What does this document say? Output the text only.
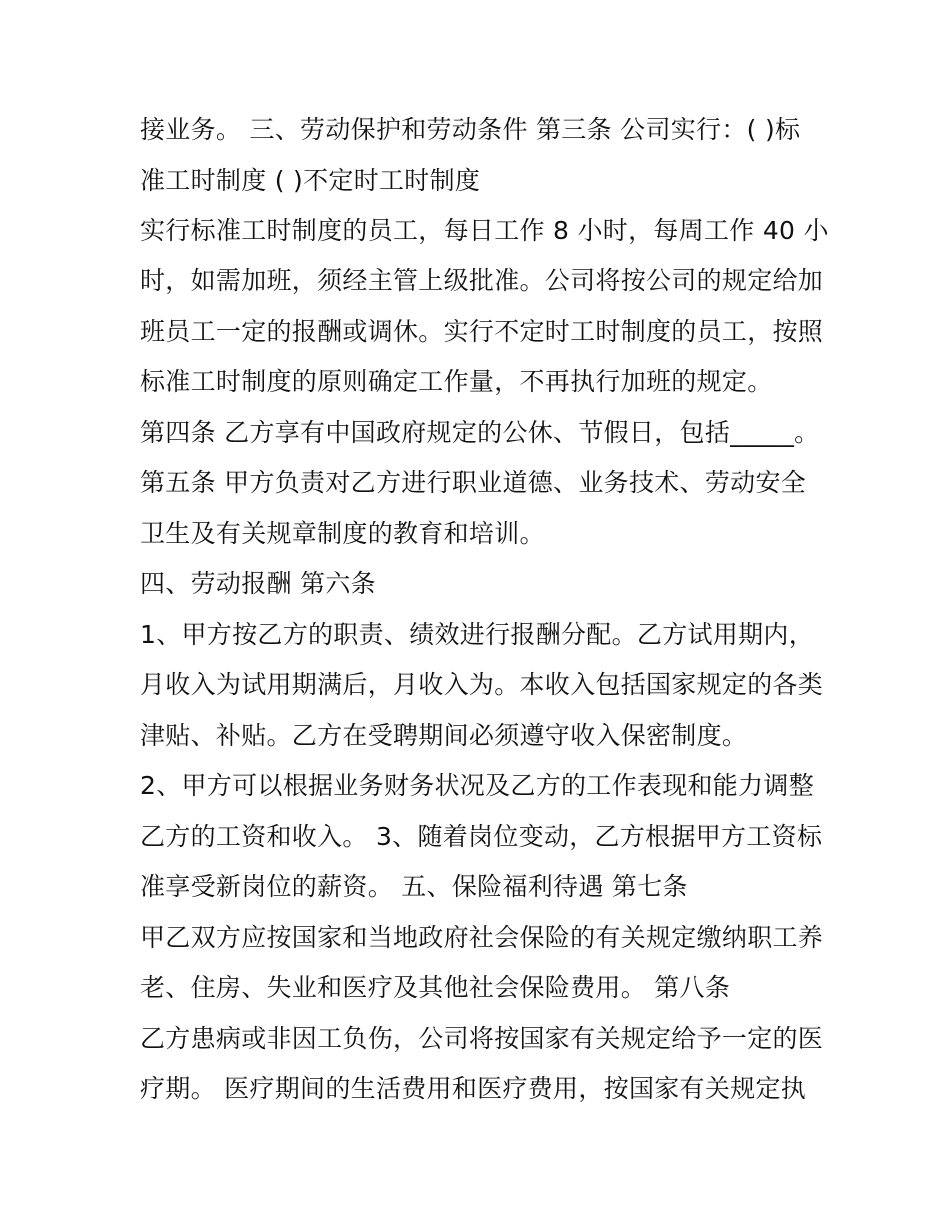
接业务。 三、劳动保护和劳动条件 第三条 公司实行：( )标
准工时制度 ( )不定时工时制度
实行标准工时制度的员工，每日工作 8 小时，每周工作 40 小
时，如需加班，须经主管上级批准。公司将按公司的规定给加
班员工一定的报酬或调休。实行不定时工时制度的员工，按照
标准工时制度的原则确定工作量，不再执行加班的规定。
第四条 乙方享有中国政府规定的公休、节假日，包括_____。
第五条 甲方负责对乙方进行职业道德、业务技术、劳动安全
卫生及有关规章制度的教育和培训。
四、劳动报酬 第六条
1、甲方按乙方的职责、绩效进行报酬分配。乙方试用期内，
月收入为试用期满后，月收入为。本收入包括国家规定的各类
津贴、补贴。乙方在受聘期间必须遵守收入保密制度。
2、甲方可以根据业务财务状况及乙方的工作表现和能力调整
乙方的工资和收入。 3、随着岗位变动，乙方根据甲方工资标
准享受新岗位的薪资。 五、保险福利待遇 第七条
甲乙双方应按国家和当地政府社会保险的有关规定缴纳职工养
老、住房、失业和医疗及其他社会保险费用。 第八条
乙方患病或非因工负伤，公司将按国家有关规定给予一定的医
疗期。 医疗期间的生活费用和医疗费用，按国家有关规定执
